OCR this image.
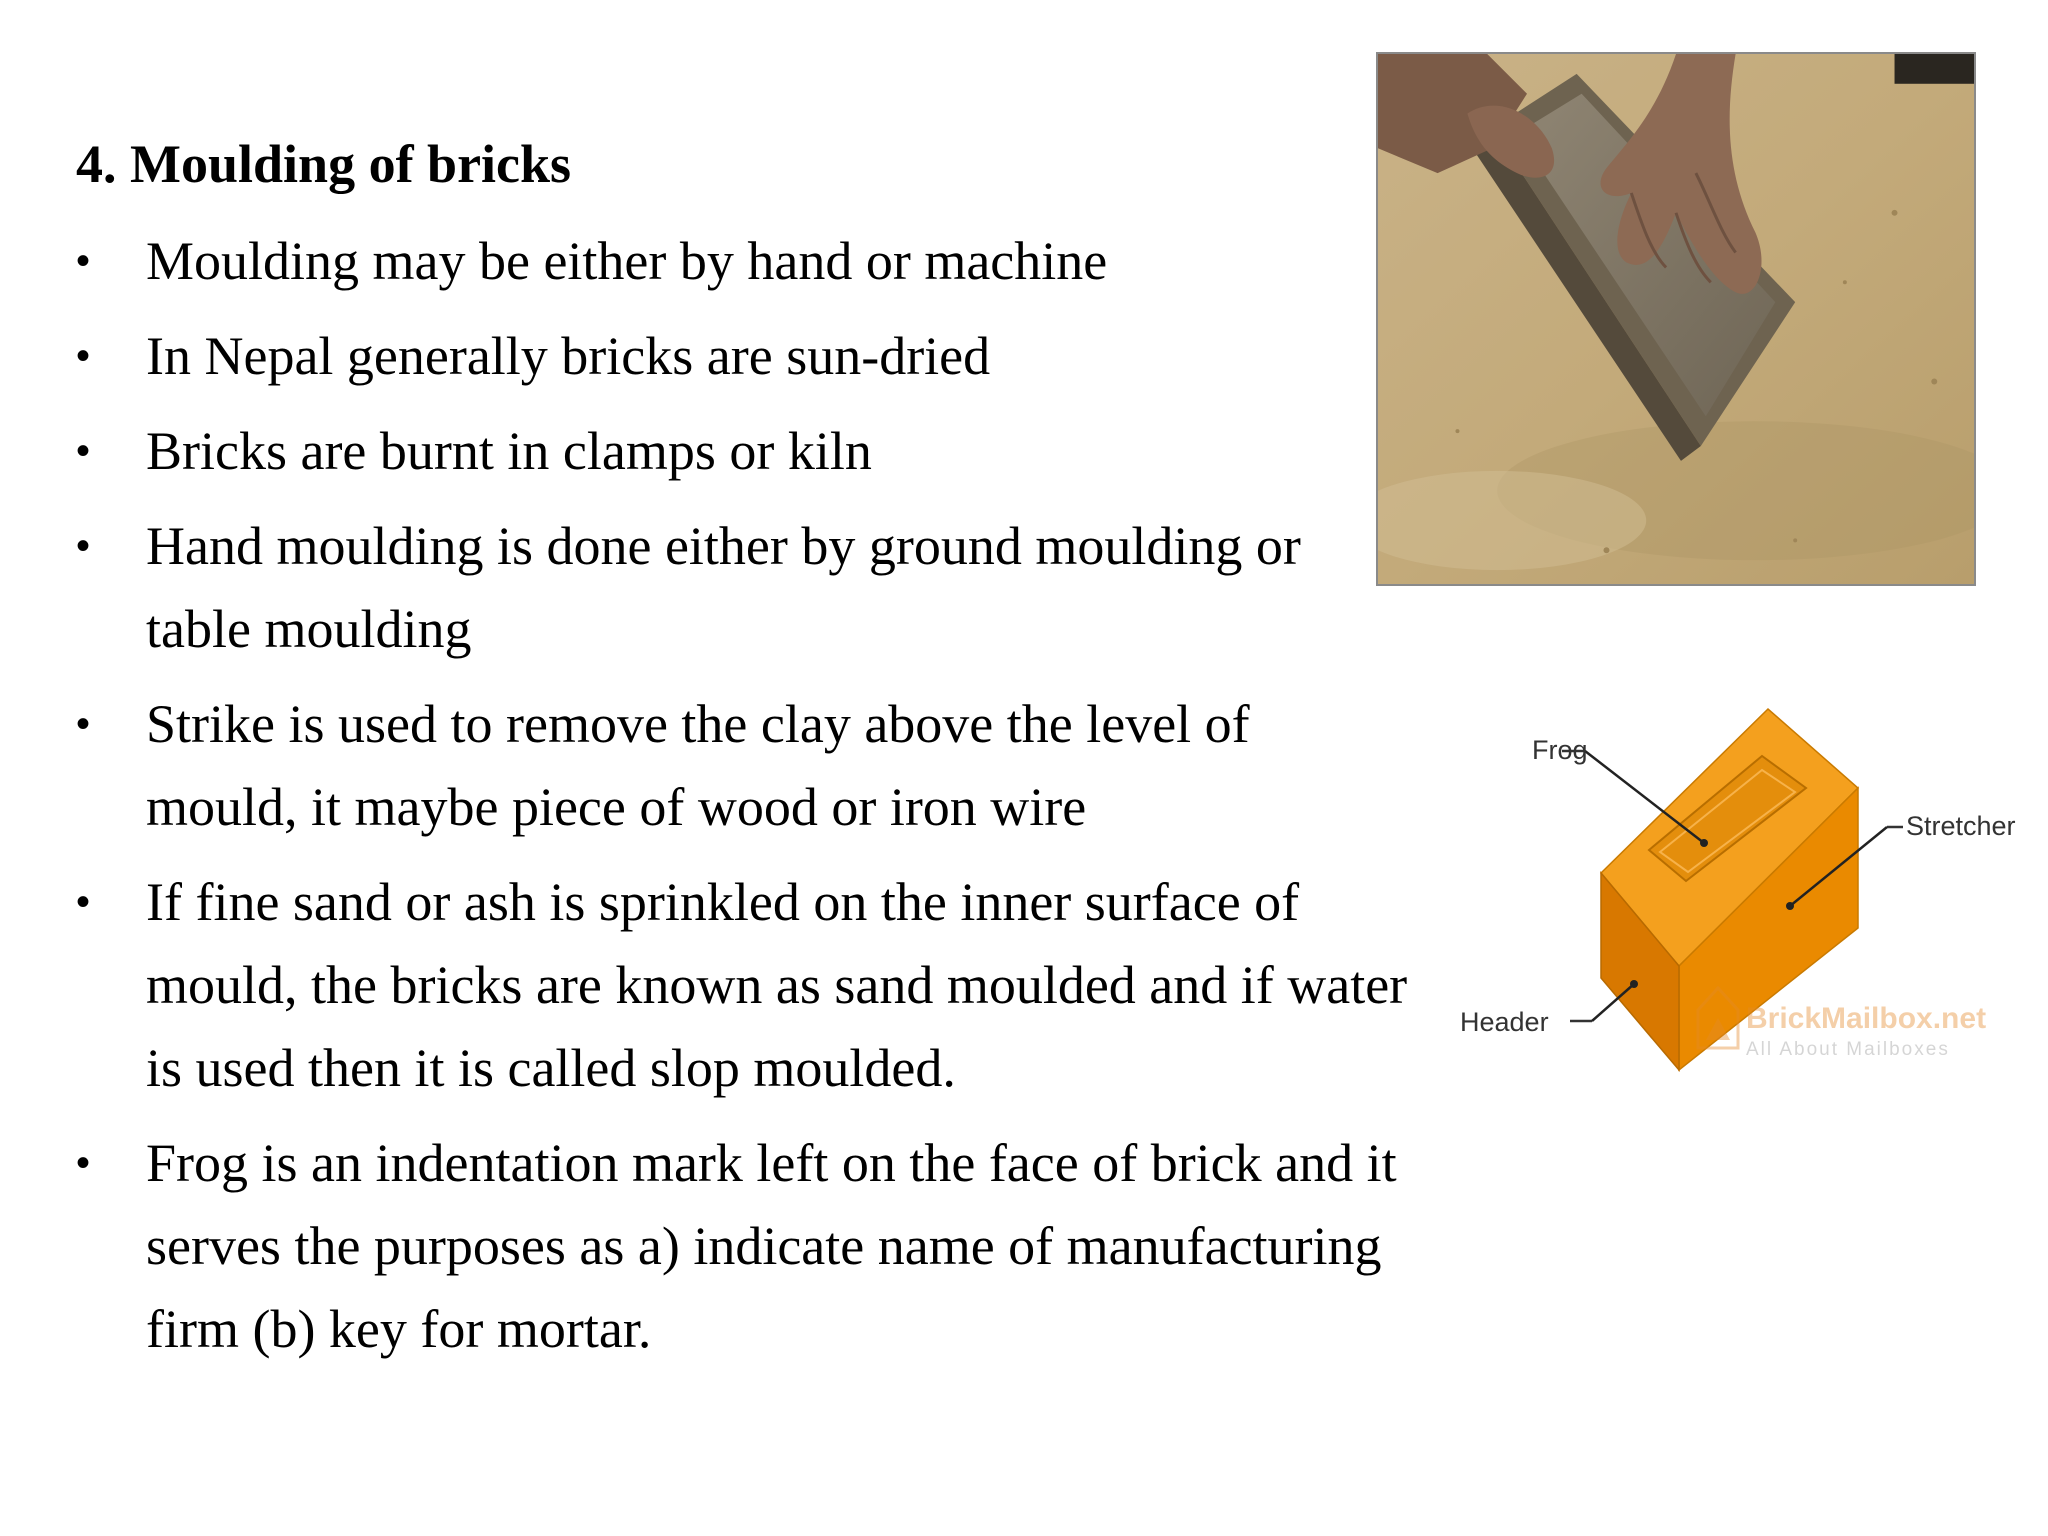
4. Moulding of bricks
• Moulding may be either by hand or machine
• In Nepal generally bricks are sun-dried
• Bricks are burnt in clamps or kiln
• Hand moulding is done either by ground moulding or table moulding
• Strike is used to remove the clay above the level of mould, it maybe piece of wood or iron wire
• If fine sand or ash is sprinkled on the inner surface of mould, the bricks are known as sand moulded and if water is used then it is called slop moulded.
• Frog is an indentation mark left on the face of brick and it serves the purposes as a) indicate name of manufacturing firm (b) key for mortar.
Frog
Stretcher
Header	BrickMailbox.net
All About Mailboxes
